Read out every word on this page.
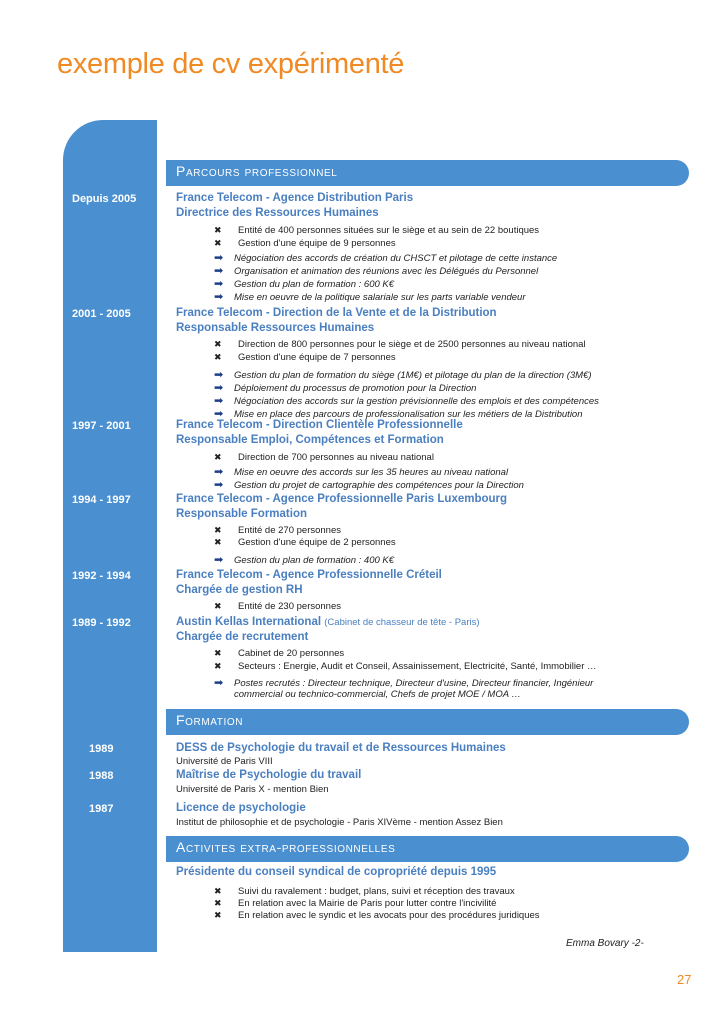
exemple de cv expérimenté
Parcours professionnel
Depuis 2005	France Telecom - Agence Distribution Paris
Directrice des Ressources Humaines
✖ Entité de 400 personnes situées sur le siège et au sein de 22 boutiques
✖ Gestion d'une équipe de 9 personnes
➡ Négociation des accords de création du CHSCT et pilotage de cette instance
➡ Organisation et animation des réunions avec les Délégués du Personnel
➡ Gestion du plan de formation : 600 K€
➡ Mise en oeuvre de la politique salariale sur les parts variable vendeur
2001 - 2005	France Telecom - Direction de la Vente et de la Distribution
Responsable Ressources Humaines
✖ Direction de 800 personnes pour le siège et de 2500 personnes au niveau national
✖ Gestion d'une équipe de 7 personnes
➡ Gestion du plan de formation du siège (1M€) et pilotage du plan de la direction (3M€)
➡ Déploiement du processus de promotion pour la Direction
➡ Négociation des accords sur la gestion prévisionnelle des emplois et des compétences
➡ Mise en place des parcours de professionalisation sur les métiers de la Distribution
1997 - 2001	France Telecom - Direction Clientèle Professionnelle
Responsable Emploi, Compétences et Formation
✖ Direction de 700 personnes au niveau national
➡ Mise en oeuvre des accords sur les 35 heures au niveau national
➡ Gestion du projet de cartographie des compétences pour la Direction
1994 - 1997	France Telecom - Agence Professionnelle Paris Luxembourg
Responsable Formation
✖ Entité de 270 personnes
✖ Gestion d'une équipe de 2 personnes
➡ Gestion du plan de formation : 400 K€
1992 - 1994	France Telecom - Agence Professionnelle Créteil
Chargée de gestion RH
✖ Entité de 230 personnes
1989 - 1992	Austin Kellas International (Cabinet de chasseur de tête - Paris)
Chargée de recrutement
✖ Cabinet de 20 personnes
✖ Secteurs : Energie, Audit et Conseil, Assainissement, Electricité, Santé, Immobilier …
➡ Postes recrutés : Directeur technique, Directeur d'usine, Directeur financier, Ingénieur
commercial ou technico-commercial, Chefs de projet MOE / MOA …
Formation
1989	DESS de Psychologie du travail et de Ressources Humaines
Université de Paris VIII
1988	Maîtrise de Psychologie du travail
Université de Paris X - mention Bien
1987	Licence de psychologie
Institut de philosophie et de psychologie - Paris XIVème - mention Assez Bien
Activites extra-professionnelles
Présidente du conseil syndical de copropriété depuis 1995
✖ Suivi du ravalement : budget, plans, suivi et réception des travaux
✖ En relation avec la Mairie de Paris pour lutter contre l'incivilité
✖ En relation avec le syndic et les avocats pour des procédures juridiques
Emma Bovary -2-
27
